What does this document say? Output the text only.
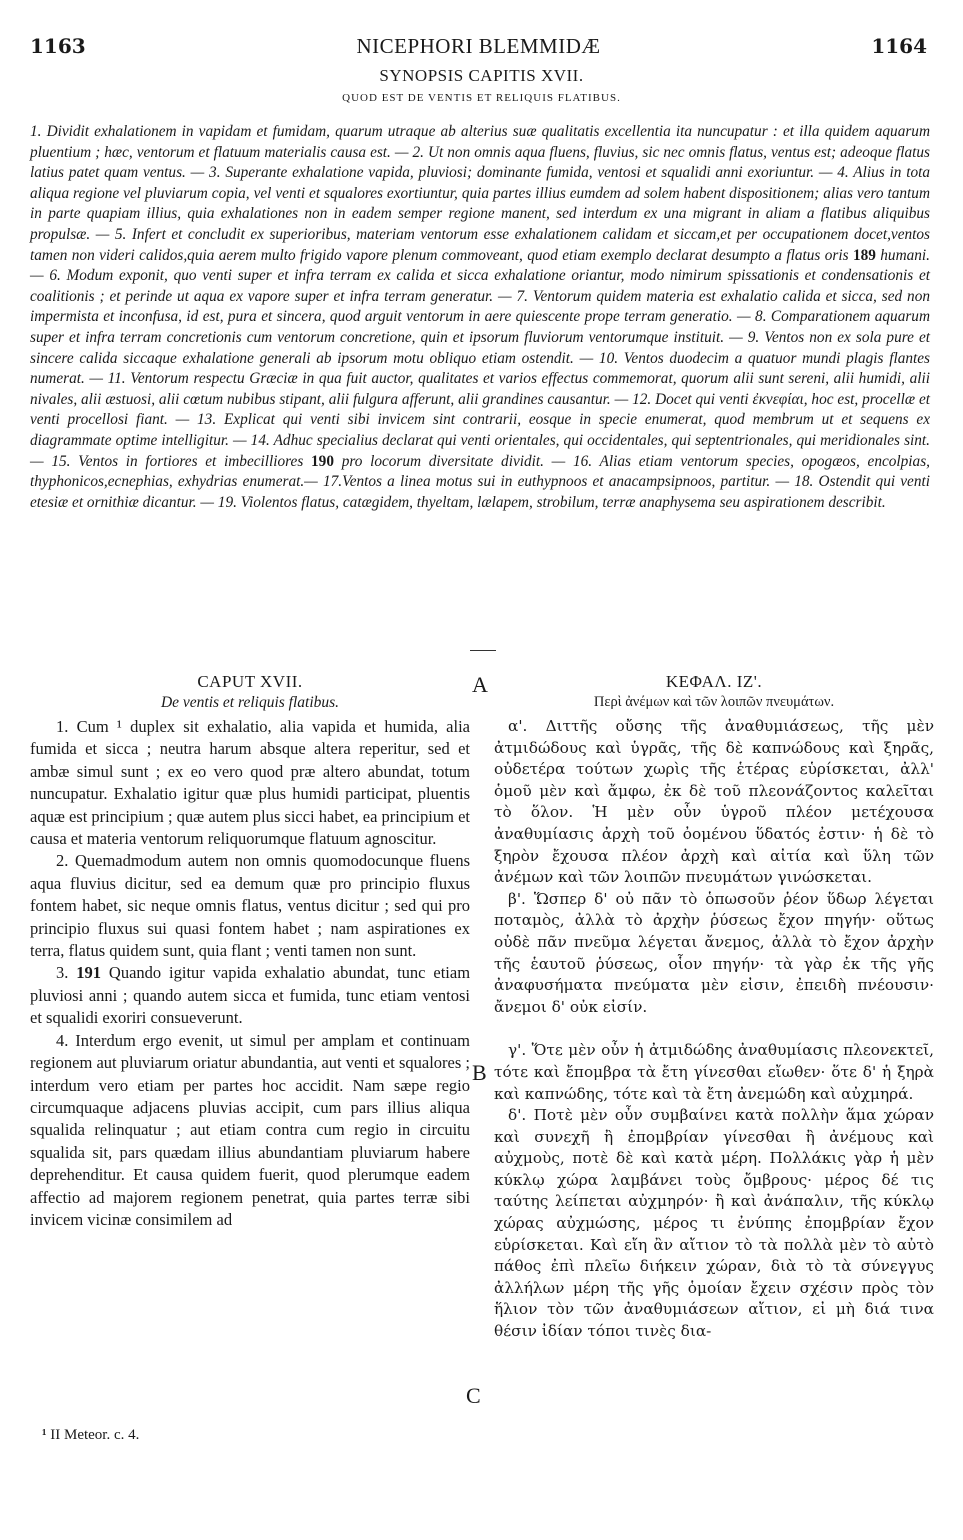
1163	NICEPHORI BLEMMIDÆ	1164
SYNOPSIS CAPITIS XVII.
QUOD EST DE VENTIS ET RELIQUIS FLATIBUS.
1. Dividit exhalationem in vapidam et fumidam, quarum utraque ab alterius suæ qualitatis excellentia ita nuncupatur : et illa quidem aquarum pluentium ; hæc, ventorum et flatuum materialis causa est. — 2. Ut non omnis aqua fluens, fluvius, sic nec omnis flatus, ventus est; adeoque flatus latius patet quam ventus. — 3. Superante exhalatione vapida, pluviosi; dominante fumida, ventosi et squalidi anni exoriuntur. — 4. Alius in tota aliqua regione vel pluviarum copia, vel venti et squalores exortiuntur, quia partes illius eumdem ad solem habent dispositionem; alias vero tantum in parte quapiam illius, quia exhalationes non in eadem semper regione manent, sed interdum ex una migrant in aliam a flatibus aliquibus propulsæ. — 5. Infert et concludit ex superioribus, materiam ventorum esse exhalationem calidam et siccam,et per occupationem docet,ventos tamen non videri calidos,quia aerem multo frigido vapore plenum commoveant, quod etiam exemplo declarat desumpto a flatus oris 189 humani. — 6. Modum exponit, quo venti super et infra terram ex calida et sicca exhalatione oriantur, modo nimirum spissationis et condensationis et coalitionis ; et perinde ut aqua ex vapore super et infra terram generatur. — 7. Ventorum quidem materia est exhalatio calida et sicca, sed non impermista et inconfusa, id est, pura et sincera, quod arguit ventorum in aere quiescente prope terram generatio. — 8. Comparationem aquarum super et infra terram concretionis cum ventorum concretione, quin et ipsorum fluviorum ventorumque instituit. — 9. Ventos non ex sola pure et sincere calida siccaque exhalatione generali ab ipsorum motu obliquo etiam ostendit. — 10. Ventos duodecim a quatuor mundi plagis flantes numerat. — 11. Ventorum respectu Græciæ in qua fuit auctor, qualitates et varios effectus commemorat, quorum alii sunt sereni, alii humidi, alii nivales, alii æstuosi, alii cœtum nubibus stipant, alii fulgura afferunt, alii grandines causantur. — 12. Docet qui venti ἐκνεφίαι, hoc est, procellæ et venti procellosi fiant. — 13. Explicat qui venti sibi invicem sint contrarii, eosque in specie enumerat, quod membrum ut et sequens ex diagrammate optime intelligitur. — 14. Adhuc specialius declarat qui venti orientales, qui occidentales, qui septentrionales, qui meridionales sint. — 15. Ventos in fortiores et imbecilliores 190 pro locorum diversitate dividit. — 16. Alias etiam ventorum species, opogæos, encolpias, thyphonicos,ecnephias, exhydrias enumerat.— 17.Ventos a linea motus sui in euthypnoos et anacampsipnoos, partitur. — 18. Ostendit qui venti etesiæ et ornithiæ dicantur. — 19. Violentos flatus, catægidem, thyeltam, lælapem, strobilum, terræ anaphysema seu aspirationem describit.
CAPUT XVII.
De ventis et reliquis flatibus.

1. Cum ¹ duplex sit exhalatio, alia vapida et humida, alia fumida et sicca ; neutra harum absque altera reperitur, sed et ambæ simul sunt ; ex eo vero quod præ altero abundat, totum nuncupatur. Exhalatio igitur quæ plus humidi participat, pluentis aquæ est principium ; quæ autem plus sicci habet, ea principium et causa et materia ventorum reliquorumque flatuum agnoscitur.

2. Quemadmodum autem non omnis quomodocunque fluens aqua fluvius dicitur, sed ea demum quæ pro principio fluxus fontem habet, sic neque omnis flatus, ventus dicitur ; sed qui pro principio fluxus sui quasi fontem habet ; nam aspirationes ex terra, flatus quidem sunt, quia flant ; venti tamen non sunt.

3. 191 Quando igitur vapida exhalatio abundat, tunc etiam pluviosi anni ; quando autem sicca et fumida, tunc etiam ventosi et squalidi exoriri consueverunt.

4. Interdum ergo evenit, ut simul per amplam et continuam regionem aut pluviarum oriatur abundantia, aut venti et squalores ; interdum vero etiam per partes hoc accidit. Nam sæpe regio circumquaque adjacens pluvias accipit, cum pars illius aliqua squalida relinquatur ; aut etiam contra cum regio in circuitu squalida sit, pars quædam illius abundantiam pluviarum habere deprehenditur. Et causa quidem fuerit, quod plerumque eadem affectio ad majorem regionem penetrat, quia partes terræ sibi invicem vicinæ consimilem ad

A
B
C
ΚΕΦΑΛ. ΙΖ'.
Περὶ ἀνέμων καὶ τῶν λοιπῶν πνευμάτων.

α'. Διττῆς οὔσης τῆς ἀναθυμιάσεως, τῆς μὲν ἀτμιδώδους καὶ ὑγρᾶς, τῆς δὲ καπνώδους καὶ ξηρᾶς, οὐδετέρα τούτων χωρὶς τῆς ἑτέρας εὑρίσκεται, ἀλλ' ὁμοῦ μὲν καὶ ἄμφω, ἐκ δὲ τοῦ πλεονάζοντος καλεῖται τὸ ὅλον. Ἡ μὲν οὖν ὑγροῦ πλέον μετέχουσα ἀναθυμίασις ἀρχὴ τοῦ ὀομένου ὕδατός ἐστιν· ἡ δὲ τὸ ξηρὸν ἔχουσα πλέον ἀρχὴ καὶ αἰτία καὶ ὕλη τῶν ἀνέμων καὶ τῶν λοιπῶν πνευμάτων γινώσκεται.

β'. Ὥσπερ δ' οὐ πᾶν τὸ ὁπωσοῦν ῥέον ὕδωρ λέγεται ποταμὸς, ἀλλὰ τὸ ἀρχὴν ῥύσεως ἔχον πηγήν· οὕτως οὐδὲ πᾶν πνεῦμα λέγεται ἄνεμος, ἀλλὰ τὸ ἔχον ἀρχὴν τῆς ἑαυτοῦ ῥύσεως, οἷον πηγήν· τὰ γὰρ ἐκ τῆς γῆς ἀναφυσήματα πνεύματα μὲν εἰσιν, ἐπειδὴ πνέουσιν· ἄνεμοι δ' οὐκ εἰσίν.

γ'. Ὅτε μὲν οὖν ἡ ἀτμιδώδης ἀναθυμίασις πλεονεκτεῖ, τότε καὶ ἔπομβρα τὰ ἔτη γίνεσθαι εἴωθεν· ὅτε δ' ἡ ξηρὰ καὶ καπνώδης, τότε καὶ τὰ ἔτη ἀνεμώδη καὶ αὐχμηρά.

δ'. Ποτὲ μὲν οὖν συμβαίνει κατὰ πολλὴν ἅμα χώραν καὶ συνεχῆ ἢ ἐπομβρίαν γίνεσθαι ἢ ἀνέμους καὶ αὐχμοὺς, ποτὲ δὲ καὶ κατὰ μέρη. Πολλάκις γὰρ ἡ μὲν κύκλῳ χώρα λαμβάνει τοὺς ὄμβρους· μέρος δέ τις ταύτης λείπεται αὐχμηρόν· ἢ καὶ ἀνάπαλιν, τῆς κύκλῳ χώρας αὐχμώσης, μέρος τι ἐνύπης ἐπομβρίαν ἔχον εὑρίσκεται. Καὶ εἴη ἂν αἴτιον τὸ τὰ πολλὰ μὲν τὸ αὐτὸ πάθος ἐπὶ πλεῖω διήκειν χώραν, διὰ τὸ τὰ σύνεγγυς ἀλλήλων μέρη τῆς γῆς ὁμοίαν ἔχειν σχέσιν πρὸς τὸν ἥλιον τὸν τῶν ἀναθυμιάσεων αἴτιον, εἰ μὴ διά τινα θέσιν ἰδίαν τόποι τινὲς δια-

¹ II Meteor. c. 4.
